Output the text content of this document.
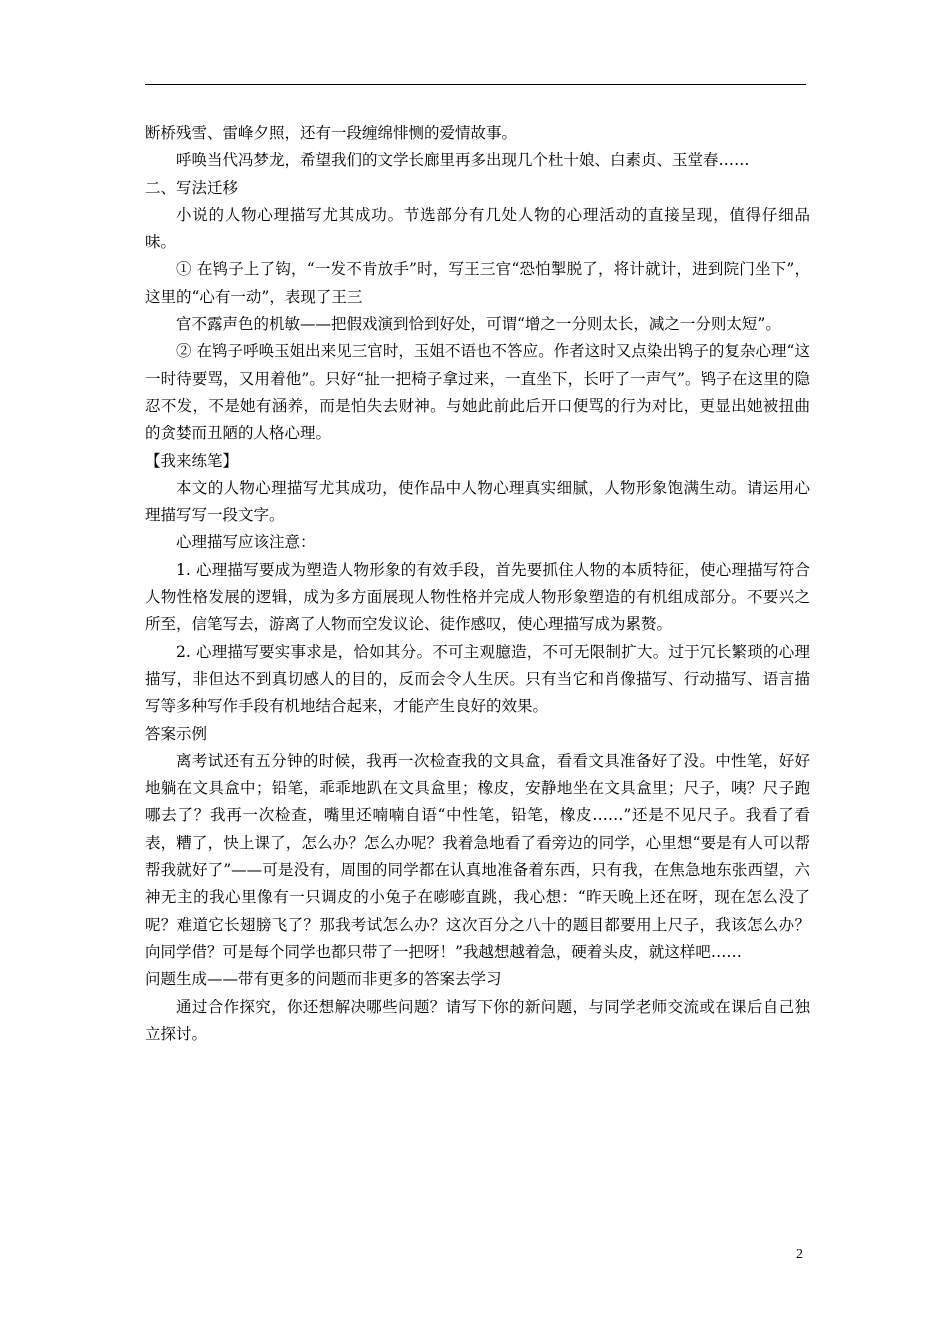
断桥残雪、雷峰夕照，还有一段缠绵悱恻的爱情故事。

呼唤当代冯梦龙，希望我们的文学长廊里再多出现几个杜十娘、白素贞、玉堂春……

二、写法迁移

小说的人物心理描写尤其成功。节选部分有几处人物的心理活动的直接呈现，值得仔细品味。

① 在鸨子上了钩，“一发不肯放手”时，写王三官“恐怕掣脱了，将计就计，进到院门坐下”，这里的“心有一动”，表现了王三

官不露声色的机敏——把假戏演到恰到好处，可谓“增之一分则太长，减之一分则太短”。

② 在鸨子呼唤玉姐出来见三官时，玉姐不语也不答应。作者这时又点染出鸨子的复杂心理“这一时待要骂，又用着他”。只好“扯一把椅子拿过来，一直坐下，长吁了一声气”。鸨子在这里的隐忍不发，不是她有涵养，而是怕失去财神。与她此前此后开口便骂的行为对比，更显出她被扭曲的贪婪而丑陋的人格心理。

【我来练笔】

本文的人物心理描写尤其成功，使作品中人物心理真实细腻，人物形象饱满生动。请运用心理描写写一段文字。

心理描写应该注意：

1. 心理描写要成为塑造人物形象的有效手段，首先要抓住人物的本质特征，使心理描写符合人物性格发展的逻辑，成为多方面展现人物性格并完成人物形象塑造的有机组成部分。不要兴之所至，信笔写去，游离了人物而空发议论、徒作感叹，使心理描写成为累赘。

2. 心理描写要实事求是，恰如其分。不可主观臆造，不可无限制扩大。过于冗长繁琐的心理描写，非但达不到真切感人的目的，反而会令人生厌。只有当它和肖像描写、行动描写、语言描写等多种写作手段有机地结合起来，才能产生良好的效果。

答案示例

离考试还有五分钟的时候，我再一次检查我的文具盒，看看文具准备好了没。中性笔，好好地躺在文具盒中；铅笔，乖乖地趴在文具盒里；橡皮，安静地坐在文具盒里；尺子，咦？尺子跑哪去了？我再一次检查，嘴里还喃喃自语“中性笔，铅笔，橡皮……”还是不见尺子。我看了看表，糟了，快上课了，怎么办？怎么办呢？我着急地看了看旁边的同学，心里想“要是有人可以帮帮我就好了”——可是没有，周围的同学都在认真地准备着东西，只有我，在焦急地东张西望，六神无主的我心里像有一只调皮的小兔子在嘭嘭直跳，我心想：“昨天晚上还在呀，现在怎么没了呢？难道它长翅膀飞了？那我考试怎么办？这次百分之八十的题目都要用上尺子，我该怎么办？向同学借？可是每个同学也都只带了一把呀！”我越想越着急，硬着头皮，就这样吧……

问题生成——带有更多的问题而非更多的答案去学习

通过合作探究，你还想解决哪些问题？请写下你的新问题，与同学老师交流或在课后自己独立探讨。

2
